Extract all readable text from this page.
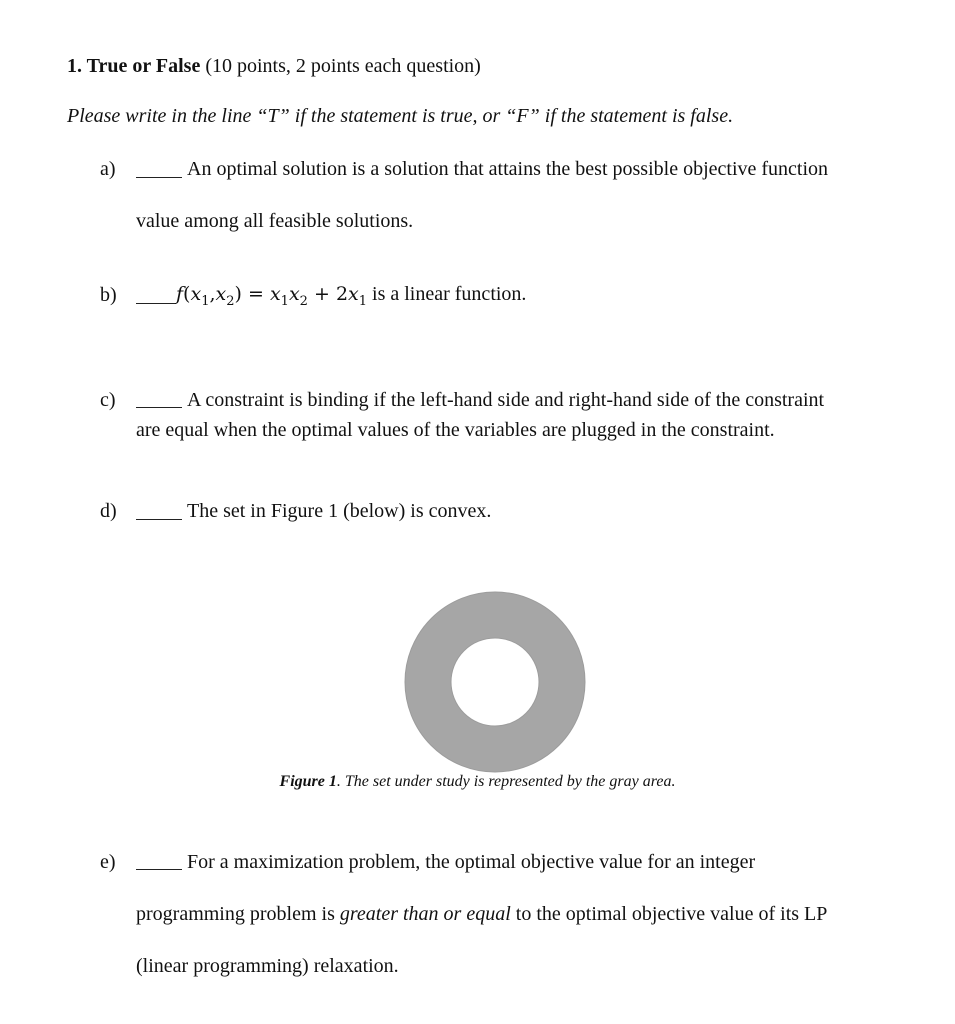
1. True or False (10 points, 2 points each question)
Please write in the line “T” if the statement is true, or “F” if the statement is false.
a)	An optimal solution is a solution that attains the best possible objective function
value among all feasible solutions.
b)	$f(x_1,x_2) = x_1x_2 + 2x_1$ is a linear function.
c)	A constraint is binding if the left-hand side and right-hand side of the constraint
are equal when the optimal values of the variables are plugged in the constraint.
d)	The set in Figure 1 (below) is convex.
Figure 1. The set under study is represented by the gray area.
e)	For a maximization problem, the optimal objective value for an integer
programming problem is greater than or equal to the optimal objective value of its LP
(linear programming) relaxation.
